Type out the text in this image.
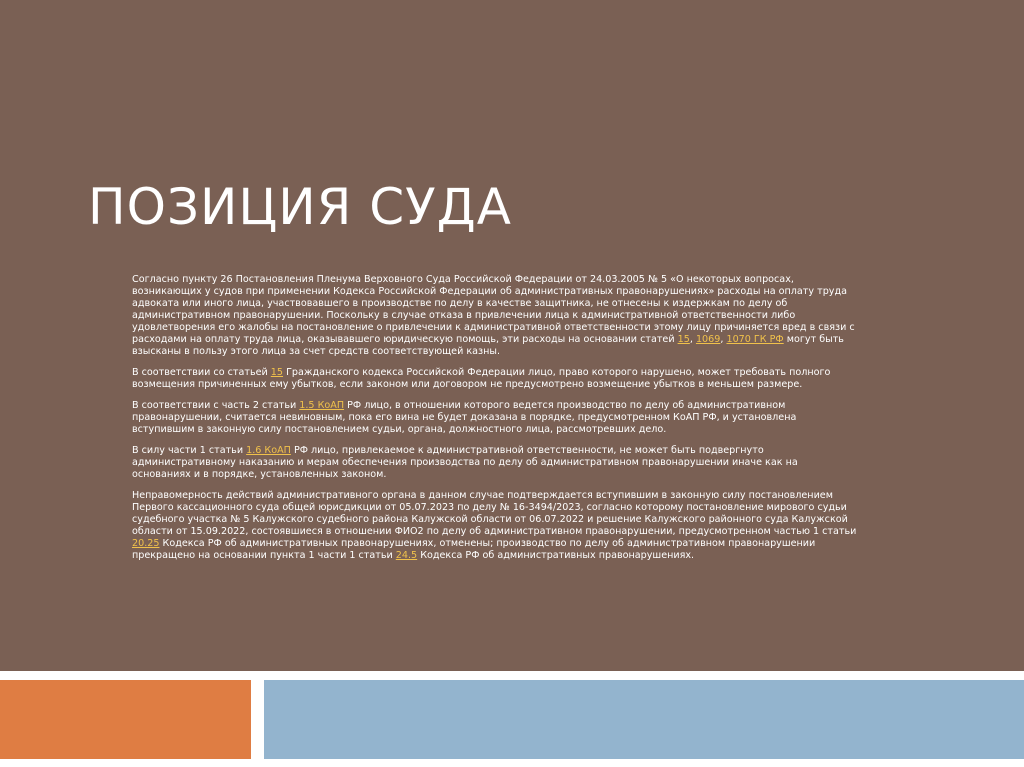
ПОЗИЦИЯ СУДА

Согласно пункту 26 Постановления Пленума Верховного Суда Российской Федерации от 24.03.2005 № 5 «О некоторых вопросах, возникающих у судов при применении Кодекса Российской Федерации об административных правонарушениях» расходы на оплату труда адвоката или иного лица, участвовавшего в производстве по делу в качестве защитника, не отнесены к издержкам по делу об административном правонарушении. Поскольку в случае отказа в привлечении лица к административной ответственности либо удовлетворения его жалобы на постановление о привлечении к административной ответственности этому лицу причиняется вред в связи с расходами на оплату труда лица, оказывавшего юридическую помощь, эти расходы на основании статей 15, 1069, 1070 ГК РФ могут быть взысканы в пользу этого лица за счет средств соответствующей казны.

В соответствии со статьей 15 Гражданского кодекса Российской Федерации лицо, право которого нарушено, может требовать полного возмещения причиненных ему убытков, если законом или договором не предусмотрено возмещение убытков в меньшем размере.

В соответствии с часть 2 статьи 1.5 КоАП РФ лицо, в отношении которого ведется производство по делу об административном правонарушении, считается невиновным, пока его вина не будет доказана в порядке, предусмотренном КоАП РФ, и установлена вступившим в законную силу постановлением судьи, органа, должностного лица, рассмотревших дело.

В силу части 1 статьи 1.6 КоАП РФ лицо, привлекаемое к административной ответственности, не может быть подвергнуто административному наказанию и мерам обеспечения производства по делу об административном правонарушении иначе как на основаниях и в порядке, установленных законом.

Неправомерность действий административного органа в данном случае подтверждается вступившим в законную силу постановлением Первого кассационного суда общей юрисдикции от 05.07.2023 по делу № 16-3494/2023, согласно которому постановление мирового судьи судебного участка № 5 Калужского судебного района Калужской области от 06.07.2022 и решение Калужского районного суда Калужской области от 15.09.2022, состоявшиеся в отношении ФИО2 по делу об административном правонарушении, предусмотренном частью 1 статьи 20.25 Кодекса РФ об административных правонарушениях, отменены; производство по делу об административном правонарушении прекращено на основании пункта 1 части 1 статьи 24.5 Кодекса РФ об административных правонарушениях.
